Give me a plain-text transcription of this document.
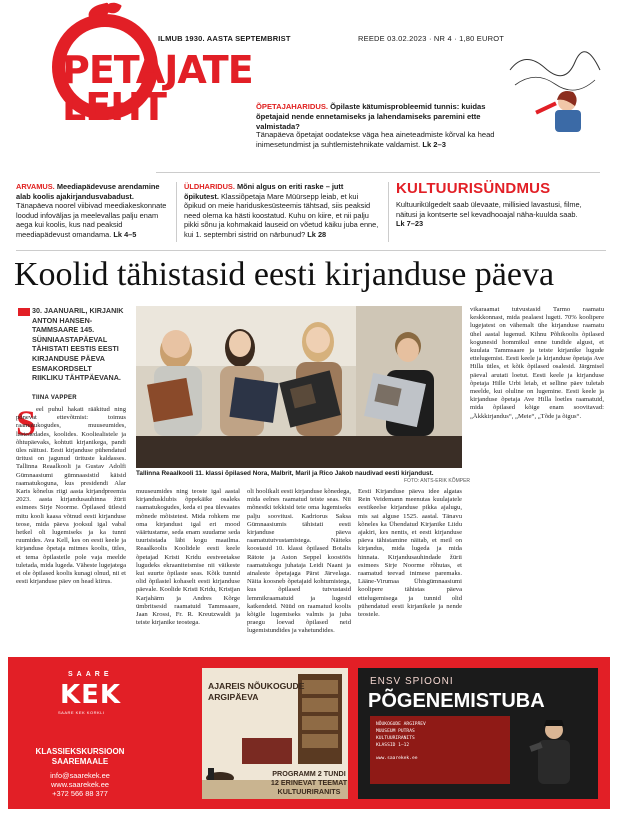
PETAJATE
LEHT
ILMUB 1930. AASTA SEPTEMBRIST	REEDE 03.02.2023 · NR 4 · 1,80 EUROT
ÕPETAJAHARIDUS. Õpilaste kätumisprobleemid tunnis: kuidas õpetajaid nende ennetamiseks ja lahendamiseks paremini ette valmistada?
Tänapäeva õpetajat oodatekse väga hea aineteadmiste kõrval ka head inimesetundmist ja suhtlemistehnikate valdamist. Lk 2–3
ARVAMUS. Meediapädevuse arendamine alab koolis ajakirjandusvabadust. Tänapäeva noorel viibivad meediakeskonnate loodud infoväljas ja meelevallas palju enam aega kui koolis, kus nad peaksid meediapädevust omandama. Lk 4–5
ÜLDHARIDUS. Mõni algus on eriti raske – jutt õpikutest. Klassiõpetaja Mare Müürsepp leiab, et kui õpikud on meie hariduskesüsteemis tähtsad, siis peaksid need olema ka hästi koostatud. Kuhu on kiire, et nii palju pikki sõnu ja kohmakaid lauseid on võetud käiku juba enne, kui 1. septembri sistrid on närbunud? Lk 28
KULTUURISÜNDMUS
Kultuurikülgedelt saab ülevaate, millisied lavastusi, filme, näitusi ja kontserte sel kevadhooajal näha-kuulda saab. Lk 7–23
Koolid tähistasid eesti kirjanduse päeva
30. JAANUARIL, KIRJANIK ANTON HANSEN-TAMMSAARE 145. SÜNNIAASTAPÄEVAL TÄHISTATI EESTIS EESTI KIRJANDUSE PÄEVA ESMAKORDSELT RIIKLIKU TÄHTPÄEVANA.
TIINA VAPPER
S eel puhul hakati rääkitud ning põnevat ettevõtmist: toimus raamatukogudes, muuseumides, lasteaedades, koolides. Kooliealistele ja õhtupäevaks, kohtuti kirjanikega, pandi üles näitusi. Eesti kirjanduse pühendatud üritusi on jagunud ürituste kaldasses. Tallinna Reaalkooli ja Gustav Adolfi Gümnaasiumi gümnaasistid käisid raamatukoguna, kus presidendi Alar Karis kõnelus riigi aasta kirjandpreemia 2023. aasta kirjandusauhinna žürii esimees Sirje Noorme. Õpilased ütlesid mitu kooli kaasa võtnud eesti kirjanduse teose, mida päeva jooksul igal vabal hetkel oli lugemiseks ja ka tunni ruumides. Ava Kell, kes on eesti keele ja kirjanduse õpetaja mitmes koolis, ütles, et tema õpilasteile pole vaja meelde tuletada, mida lugeda. Väheste lugejatega ei ole õpilased koolis kunagi olnud, nii et eesti kirjanduse päev on head kiirus.
Tallinna Reaalkooli 11. klassi õpilased Nora, Malbrit, Maril ja Rico Jakob naudivad eesti kirjandust.
FOTO: ANTS-ERIK KÕMPER
muuseumides ning teoste igal aastal kirjandusklubis õppekäike osaleks raamatukogudes, keda ei pea ülevaates mõnede mõistetest. Mida rohkem me oma kirjandust igal eri mood väärtustame, seda enam suudame seda tuurisistada läbi kogu maailma. Reaalkoolis Koolidele eesti keele õpetajad Kristi Kridu eestveetakse lugudeks ekraaniteismise nii väikeste kui suurte õpilaste seas. Kõik tunnid olid õpilastel kohaselt eesti kirjanduse päevale. Koolide Kristi Kridu, Kristjan Karjahärm ja Andres Kõrge ümbritsesid raamatuid Tammsaare, Jaan Krossi, Fr. R. Kreutzwaldi ja teiste kirjanike teostega.
oli hoolikalt eesti kirjanduse kõnedega, mida eelnes raamatud teiste seas. Nii mõnestki tekkisid teie oma lugemiseks palju soovitusi. Kadriorus Saksa Gümnaasiumis tähistati eesti kirjanduse päeva raamatututvustamistega. Näiteks koostasid 10. klassi õpilased Botalis Rätote ja Aston Seppel koostöös raamatukogu juhataja Leidi Naani ja ainaleste õpetajaga Pärst Järvelaga. Näita koosneb õpetajaid kohtumistega, kus õpilased tutvustasid lemmikraamatuid ja lugesid katkendeid. Nüüd on raamatud koolis kõigile lugemiseks valmis ja juba praegu loevad õpilased neid lugemistundides ja vahetundides.
Eesti Kirjanduse päeva idee algatas Rein Veidemann meenutas kuulajatele eestikeelse kirjanduse pikka ajalugu, mis sai alguse 1525. aastal. Tänavu kõneles ka Ühendatud Kirjanike Liidu ajakiri, kes nentis, et eesti kirjanduse päeva tähistamine näitab, et meil on kirjandus, mida lugeda ja mida hinnata. Kirjandusauhindade žürii esimees Sirje Noorme rõhutas, et raamatud teevad inimese paremaks. Lääne-Virumaa Ühisgümnaasiumi koolipere tähistas päeva ettelugemisega ja tunnid olid pühendatud eesti kirjanikele ja nende teostele.
vikaraamat tutvustasid Tarmo raamatu keskkonnast, mida pealaest lugeti. 70% koolipere lugejatest on vähemalt ühe kirjanduse raamatu ühel aastal lugenud. Kihnu Põhikoolis õpilased kogunesid hommikul enne tundide algust, et kuulata Tammsaare ja teiste kirjanike lugude ettelugemist. Eesti keele ja kirjanduse õpetaja Ave Hilla ütles, et kõik õpilased osalesid. Järgmisel päeval arutati loetut. Eesti keele ja kirjanduse õpetaja Hille Urbi leiab, et selline päev tuletab meelde, kui oluline on lugemine. Eesti keele ja kirjanduse õpetaja Ave Hilla loetles raamatuid, mida õpilased kõige enam soovitavad: „Äkkkirjandus“, „Meie“, „Tõde ja õigus“.
SAARE
KEK
SAARE KEK KORKLI
KLASSIEKSKURSIOON SAAREMAALE
info@saarekek.ee
www.saarekek.ee
+372 566 88 377
AJAREIS NÕUKOGUDE
ARGIPÄEVA
PROGRAMM 2 TUNDI
12 ERINEVAT TEEMAT
KULTUURIRANITS
ENSV SPIOONI
PÕGENEMISTUBA
NÕUKOGUDE ARGIPÄEV
MUUSEUM PUTRAS
KULTUURIRANITS
KLASSID 1–12
www.saarekek.ee
